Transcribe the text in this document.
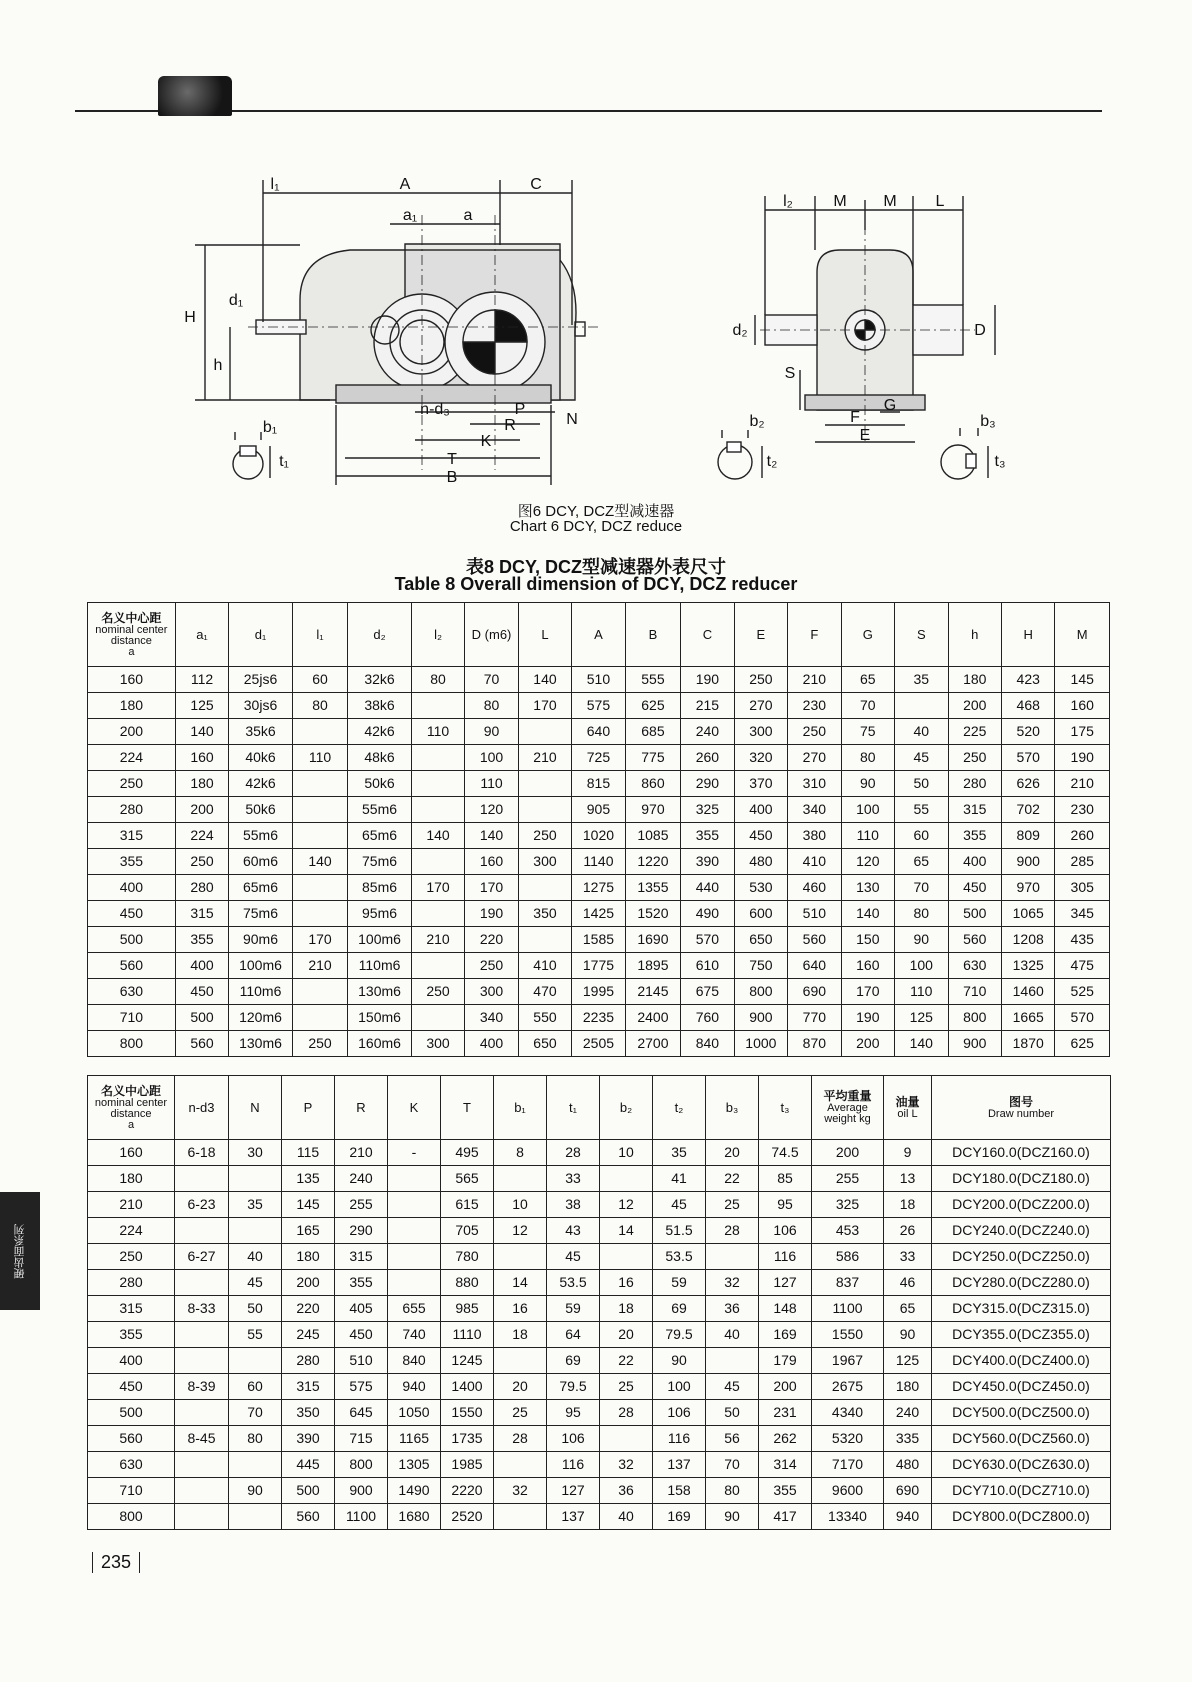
硬齿面系列
A	C
a₁	a
l₁
H
h
d₁
b₁
t₁
n-d₃	P
R
K
T
B
N
l₂	M M L
d₂	D
S
b₂
t₂
G
F
E
b₃
t₃
图6 DCY, DCZ型减速器
Chart 6 DCY, DCZ reduce
表8 DCY, DCZ型减速器外表尺寸
Table 8 Overall dimension of DCY, DCZ reducer
名义中心距
nominal center distance
a	a₁	d₁	l₁	d₂	l₂	D (m6)	L	A	B	C	E	F	G	S	h	H	M
160	112	25js6	60	32k6	80	70	140	510	555	190	250	210	65	35	180	423	145
180	125	30js6	80	38k6		80	170	575	625	215	270	230	70		200	468	160
200	140	35k6		42k6	110	90		640	685	240	300	250	75	40	225	520	175
224	160	40k6	110	48k6		100	210	725	775	260	320	270	80	45	250	570	190
250	180	42k6		50k6		110		815	860	290	370	310	90	50	280	626	210
280	200	50k6		55m6		120		905	970	325	400	340	100	55	315	702	230
315	224	55m6		65m6	140	140	250	1020	1085	355	450	380	110	60	355	809	260
355	250	60m6	140	75m6		160	300	1140	1220	390	480	410	120	65	400	900	285
400	280	65m6		85m6	170	170		1275	1355	440	530	460	130	70	450	970	305
450	315	75m6		95m6		190	350	1425	1520	490	600	510	140	80	500	1065	345
500	355	90m6	170	100m6	210	220		1585	1690	570	650	560	150	90	560	1208	435
560	400	100m6	210	110m6		250	410	1775	1895	610	750	640	160	100	630	1325	475
630	450	110m6		130m6	250	300	470	1995	2145	675	800	690	170	110	710	1460	525
710	500	120m6		150m6		340	550	2235	2400	760	900	770	190	125	800	1665	570
800	560	130m6	250	160m6	300	400	650	2505	2700	840	1000	870	200	140	900	1870	625
名义中心距
nominal center distance
a	n-d3	N	P	R	K	T	b₁	t₁	b₂	t₂	b₃	t₃	平均重量
Average weight kg	油量
oil L	图号
Draw number

160	6-18	30	115	210	-	495	8	28	10	35	20	74.5	200	9	DCY160.0(DCZ160.0)
180			135	240		565		33		41	22	85	255	13	DCY180.0(DCZ180.0)
210	6-23	35	145	255		615	10	38	12	45	25	95	325	18	DCY200.0(DCZ200.0)
224			165	290		705	12	43	14	51.5	28	106	453	26	DCY240.0(DCZ240.0)
250	6-27	40	180	315		780		45		53.5		116	586	33	DCY250.0(DCZ250.0)
280		45	200	355		880	14	53.5	16	59	32	127	837	46	DCY280.0(DCZ280.0)
315	8-33	50	220	405	655	985	16	59	18	69	36	148	1100	65	DCY315.0(DCZ315.0)
355		55	245	450	740	1110	18	64	20	79.5	40	169	1550	90	DCY355.0(DCZ355.0)
400			280	510	840	1245		69	22	90		179	1967	125	DCY400.0(DCZ400.0)
450	8-39	60	315	575	940	1400	20	79.5	25	100	45	200	2675	180	DCY450.0(DCZ450.0)
500		70	350	645	1050	1550	25	95	28	106	50	231	4340	240	DCY500.0(DCZ500.0)
560	8-45	80	390	715	1165	1735	28	106		116	56	262	5320	335	DCY560.0(DCZ560.0)
630			445	800	1305	1985		116	32	137	70	314	7170	480	DCY630.0(DCZ630.0)
710		90	500	900	1490	2220	32	127	36	158	80	355	9600	690	DCY710.0(DCZ710.0)
800			560	1100	1680	2520		137	40	169	90	417	13340	940	DCY800.0(DCZ800.0)
235
